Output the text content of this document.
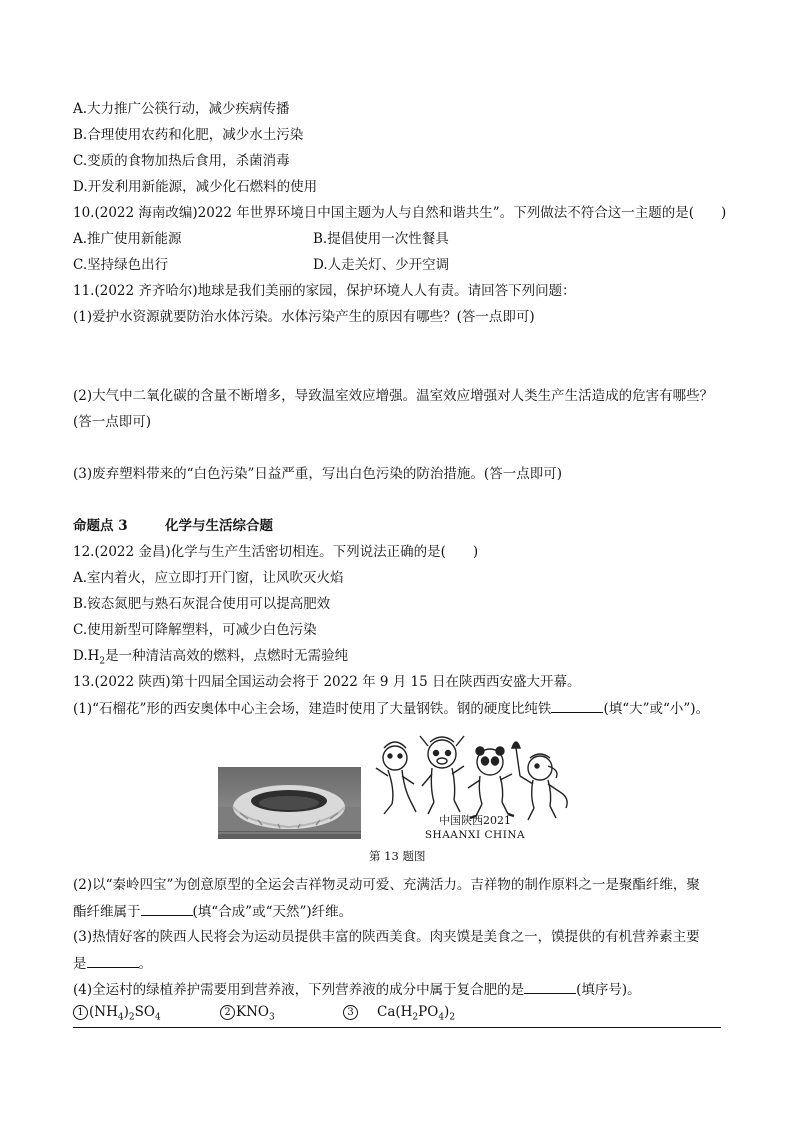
A.大力推广公筷行动，减少疾病传播
B.合理使用农药和化肥，减少水土污染
C.变质的食物加热后食用，杀菌消毒
D.开发利用新能源，减少化石燃料的使用
10.(2022 海南改编)2022 年世界环境日中国主题为人与自然和谐共生”。下列做法不符合这一主题的是(　　)
A.推广使用新能源	B.提倡使用一次性餐具
C.坚持绿色出行	D.人走关灯、少开空调
11.(2022 齐齐哈尔)地球是我们美丽的家园，保护环境人人有责。请回答下列问题：
(1)爱护水资源就要防治水体污染。水体污染产生的原因有哪些？(答一点即可)
(2)大气中二氧化碳的含量不断增多，导致温室效应增强。温室效应增强对人类生产生活造成的危害有哪些？
(答一点即可)
(3)废弃塑料带来的“白色污染”日益严重，写出白色污染的防治措施。(答一点即可)
命题点 3	化学与生活综合题
12.(2022 金昌)化学与生产生活密切相连。下列说法正确的是(　　)
A.室内着火，应立即打开门窗，让风吹灭火焰
B.铵态氮肥与熟石灰混合使用可以提高肥效
C.使用新型可降解塑料，可减少白色污染
$D.H_2$是一种清洁高效的燃料，点燃时无需验纯
13.(2022 陕西)第十四届全国运动会将于 2022 年 9 月 15 日在陕西西安盛大开幕。
(1)“石榴花”形的西安奥体中心主会场，建造时使用了大量钢铁。钢的硬度比纯铁	(填“大”或“小”)。
中国陕西2021
SHAANXI CHINA
第 13 题图
(2)以“秦岭四宝”为创意原型的全运会吉祥物灵动可爱、充满活力。吉祥物的制作原料之一是聚酯纤维，聚
酯纤维属于	(填“合成”或“天然”)纤维。
(3)热情好客的陕西人民将会为运动员提供丰富的陕西美食。肉夹馍是美食之一，馍提供的有机营养素主要
是	。
(4)全运村的绿植养护需要用到营养液，下列营养液的成分中属于复合肥的是	(填序号)。
1 $(NH_4)_2SO_4$	2 $KNO_3$	3 $Ca(H_2PO_4)_2$
